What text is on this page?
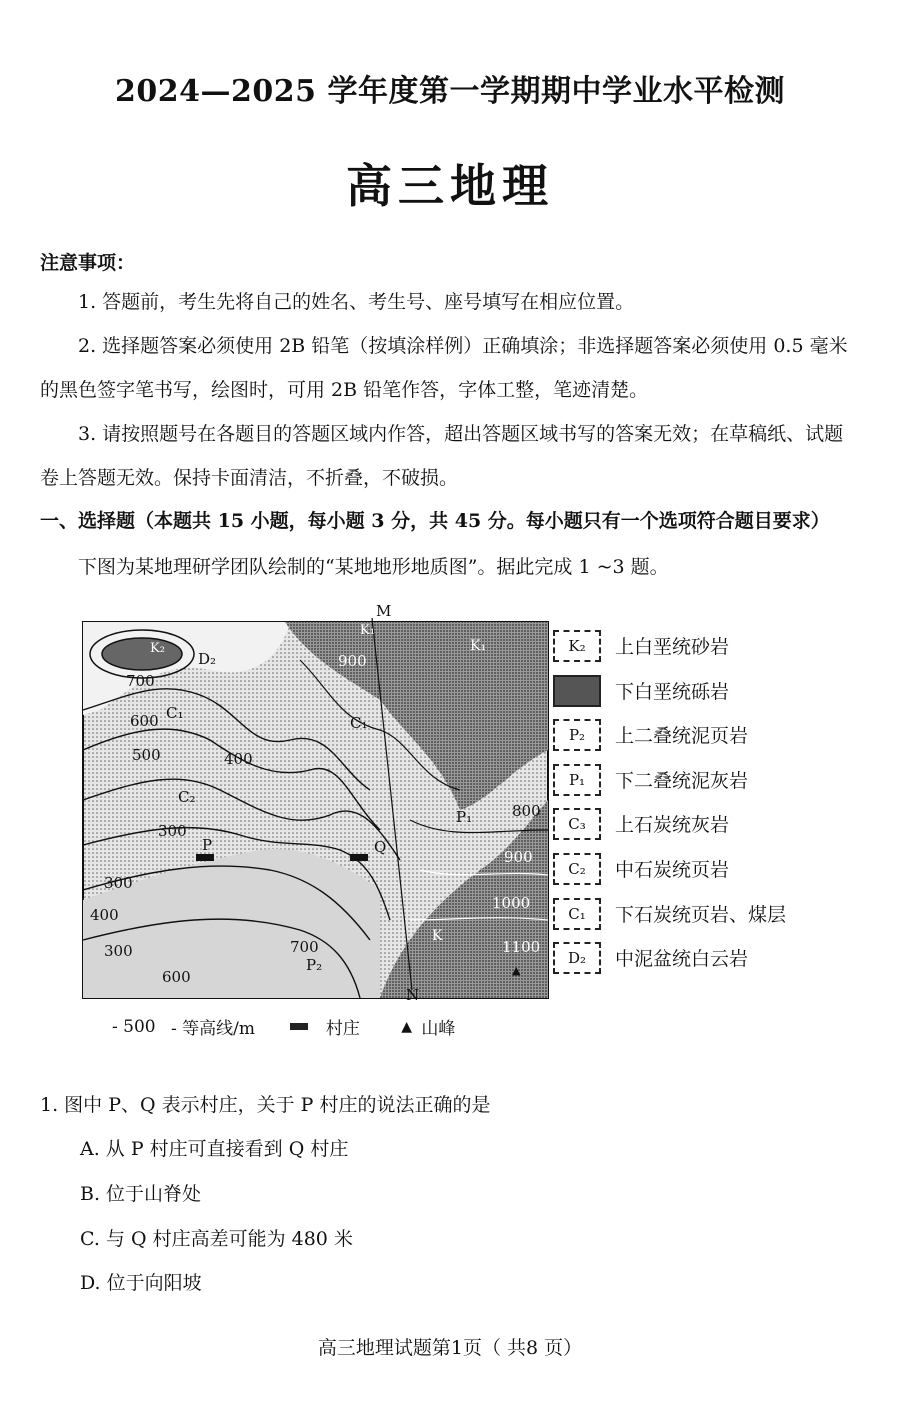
2024—2025 学年度第一学期期中学业水平检测
高三地理
注意事项：
1. 答题前，考生先将自己的姓名、考生号、座号填写在相应位置。
2. 选择题答案必须使用 2B 铅笔（按填涂样例）正确填涂；非选择题答案必须使用 0.5 毫米的黑色签字笔书写，绘图时，可用 2B 铅笔作答，字体工整，笔迹清楚。
3. 请按照题号在各题目的答题区域内作答，超出答题区域书写的答案无效；在草稿纸、试题卷上答题无效。保持卡面清洁，不折叠，不破损。
一、选择题（本题共 15 小题，每小题 3 分，共 45 分。每小题只有一个选项符合题目要求）
下图为某地理研学团队绘制的“某地地形地质图”。据此完成 1 ~3 题。
▲
M
N
P	Q
K₂
K₁
K₁
K
D₂
C₁
C₁
C₂
P₁
P₂
700
600
500	400
300
300
400
300
600
700
900
800
900
1000
1100
K₂	上白垩统砂岩
下白垩统砾岩
P₂	上二叠统泥页岩
P₁	下二叠统泥灰岩
C₃	上石炭统灰岩
C₂	中石炭统页岩
C₁	下石炭统页岩、煤层
D₂	中泥盆统白云岩
- 500 - 等高线/m	村庄	▲ 山峰
1. 图中 P、Q 表示村庄，关于 P 村庄的说法正确的是
A. 从 P 村庄可直接看到 Q 村庄
B. 位于山脊处
C. 与 Q 村庄高差可能为 480 米
D. 位于向阳坡
高三地理试题第1页（ 共8 页）
